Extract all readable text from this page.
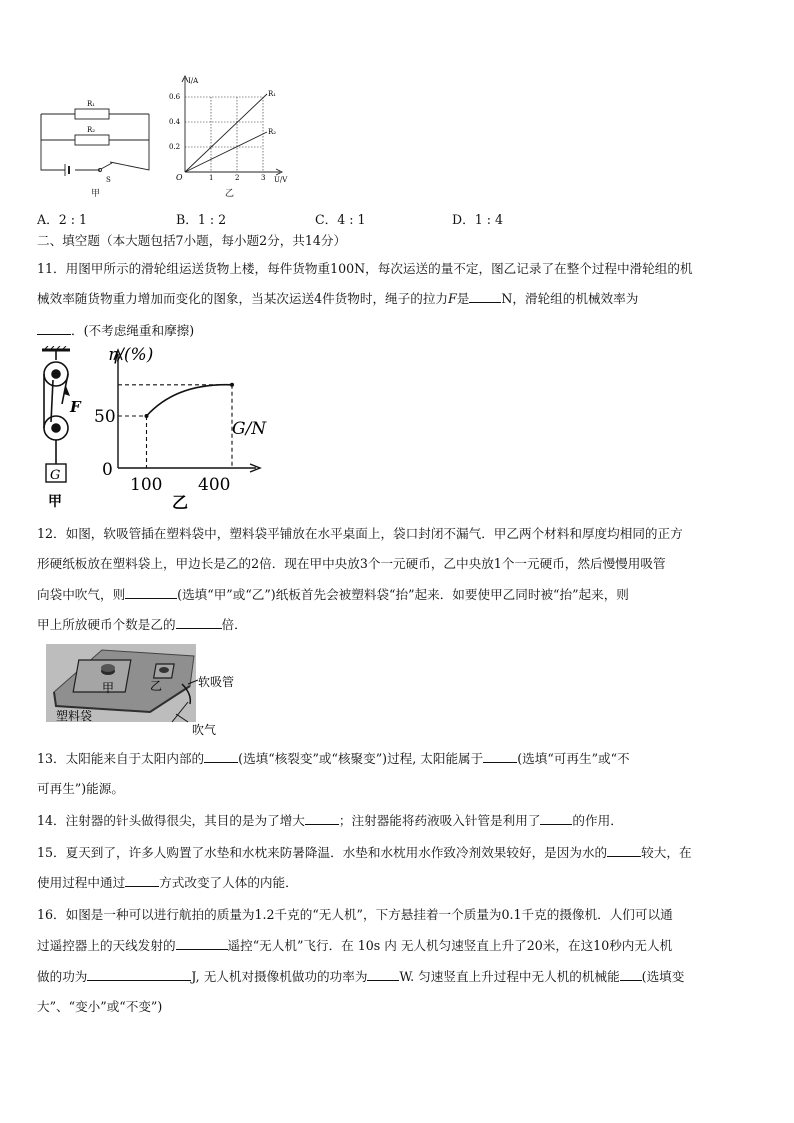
R₁
R₂
S
甲
I/A
U/V
0.6
0.4
0.2
O	1	2	3
R₁
R₂
乙
A．2 : 1	B．1 : 2	C．4 : 1	D．1 : 4
二、填空题（本大题包括7小题，每小题2分，共14分）
11．用图甲所示的滑轮组运送货物上楼，每件货物重100N，每次运送的量不定，图乙记录了在整个过程中滑轮组的机
械效率随货物重力增加而变化的图象，当某次运送4件货物时，绳子的拉力F是	N，滑轮组的机械效率为
．(不考虑绳重和摩擦)
F
G
甲
η/(%)
G/N
50
0
100 400
乙
12．如图，软吸管插在塑料袋中，塑料袋平铺放在水平桌面上，袋口封闭不漏气．甲乙两个材料和厚度均相同的正方
形硬纸板放在塑料袋上，甲边长是乙的2倍．现在甲中央放3个一元硬币，乙中央放1个一元硬币，然后慢慢用吸管
向袋中吹气，则	(选填“甲”或“乙”)纸板首先会被塑料袋“抬”起来．如要使甲乙同时被“抬”起来，则
甲上所放硬币个数是乙的	倍．
甲	乙	软吸管
塑料袋
吹气
13．太阳能来自于太阳内部的	(选填“核裂变”或“核聚变”)过程, 太阳能属于	(选填“可再生”或“不
可再生”)能源。
14．注射器的针头做得很尖，其目的是为了增大	；注射器能将药液吸入针管是利用了	的作用．
15．夏天到了，许多人购置了水垫和水枕来防暑降温．水垫和水枕用水作致冷剂效果较好，是因为水的	较大，在
使用过程中通过	方式改变了人体的内能．
16．如图是一种可以进行航拍的质量为1.2千克的“无人机”，下方悬挂着一个质量为0.1千克的摄像机．人们可以通
过遥控器上的天线发射的	遥控“无人机”飞行．在 10s 内 无人机匀速竖直上升了20米，在这10秒内无人机
做的功为	J, 无人机对摄像机做功的功率为	W. 匀速竖直上升过程中无人机的机械能 (选填变
大”、“变小”或“不变”)
